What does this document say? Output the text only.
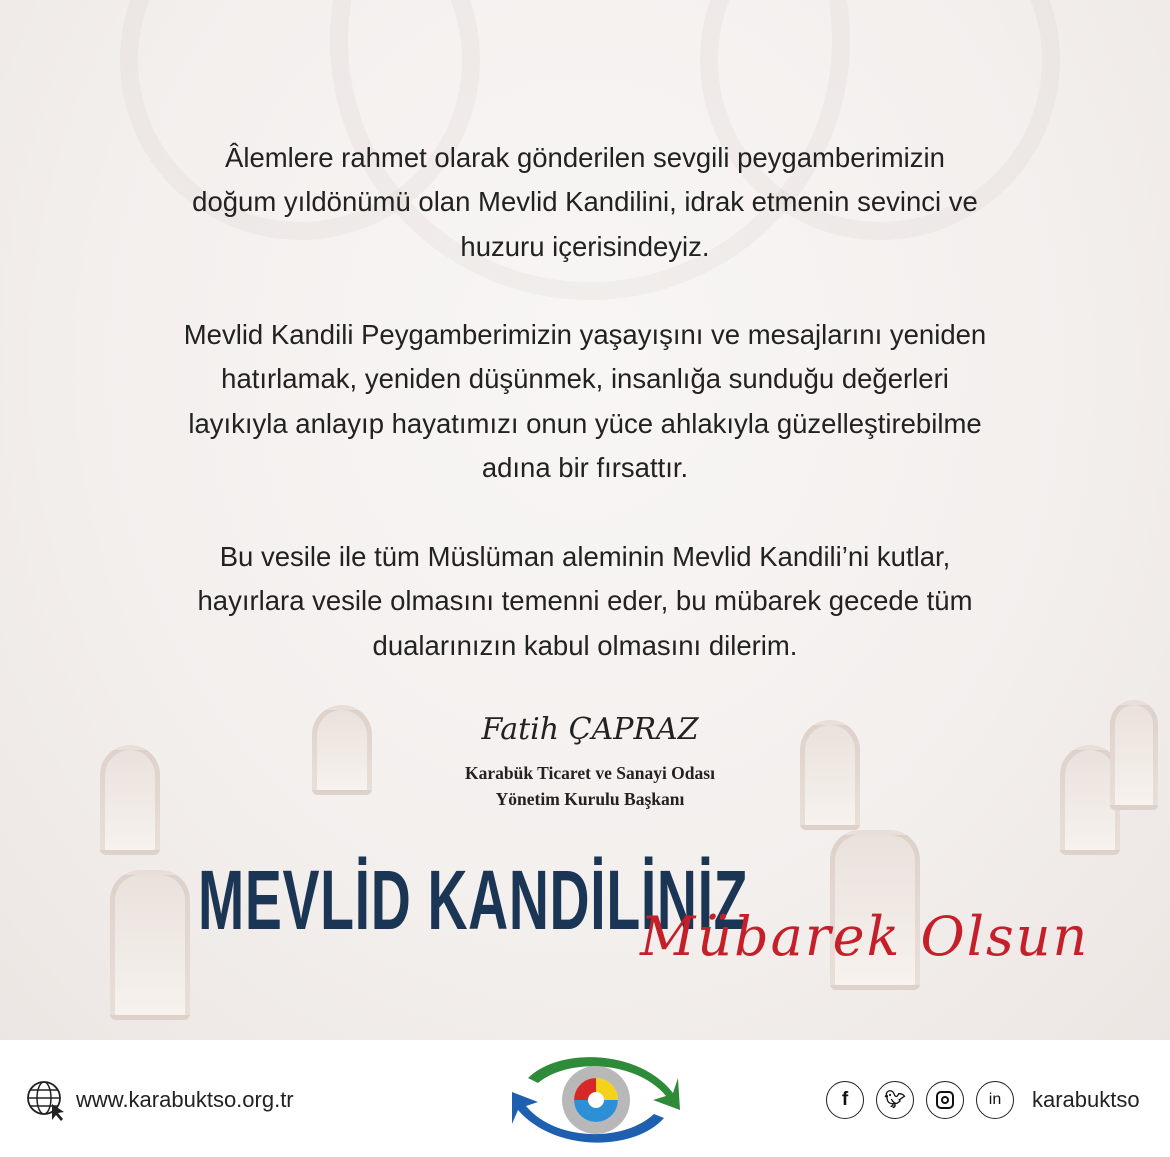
Âlemlere rahmet olarak gönderilen sevgili peygamberimizin
doğum yıldönümü olan Mevlid Kandilini, idrak etmenin sevinci ve
huzuru içerisindeyiz.
Mevlid Kandili Peygamberimizin yaşayışını ve mesajlarını yeniden
hatırlamak, yeniden düşünmek, insanlığa sunduğu değerleri
layıkıyla anlayıp hayatımızı onun yüce ahlakıyla güzelleştirebilme
adına bir fırsattır.
Bu vesile ile tüm Müslüman aleminin Mevlid Kandili’ni kutlar,
hayırlara vesile olmasını temenni eder, bu mübarek gecede tüm
dualarınızın kabul olmasını dilerim.
Fatih ÇAPRAZ
Karabük Ticaret ve Sanayi Odası
Yönetim Kurulu Başkanı
MEVLİD KANDİLİNİZ
Mübarek Olsun
www.karabuktso.org.tr	f	🐦︎	in	karabuktso
